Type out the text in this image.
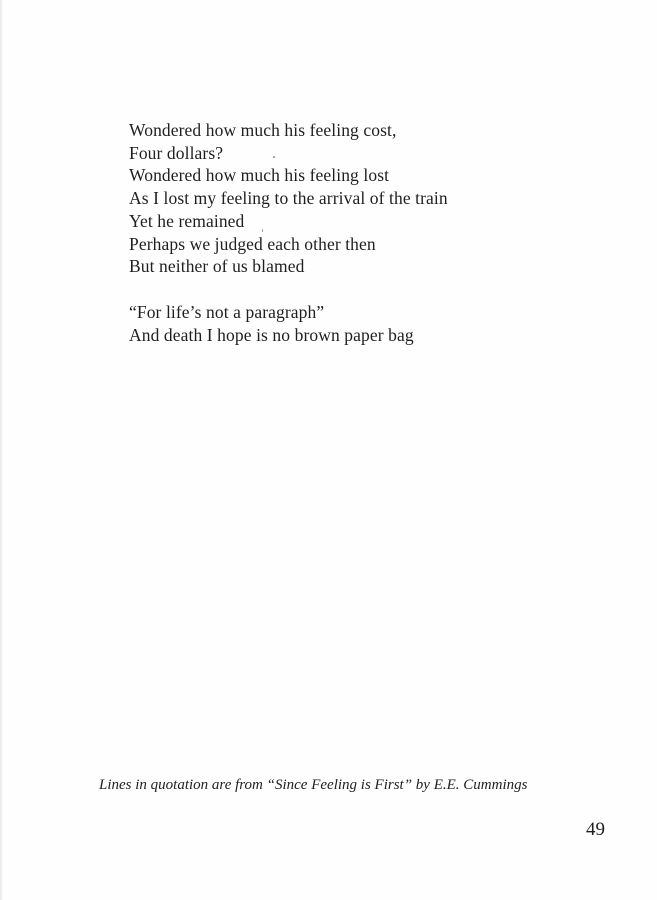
Wondered how much his feeling cost,
Four dollars?
Wondered how much his feeling lost
As I lost my feeling to the arrival of the train
Yet he remained
Perhaps we judged each other then
But neither of us blamed
“For life’s not a paragraph”
And death I hope is no brown paper bag
Lines in quotation are from “Since Feeling is First” by E.E. Cummings
49
